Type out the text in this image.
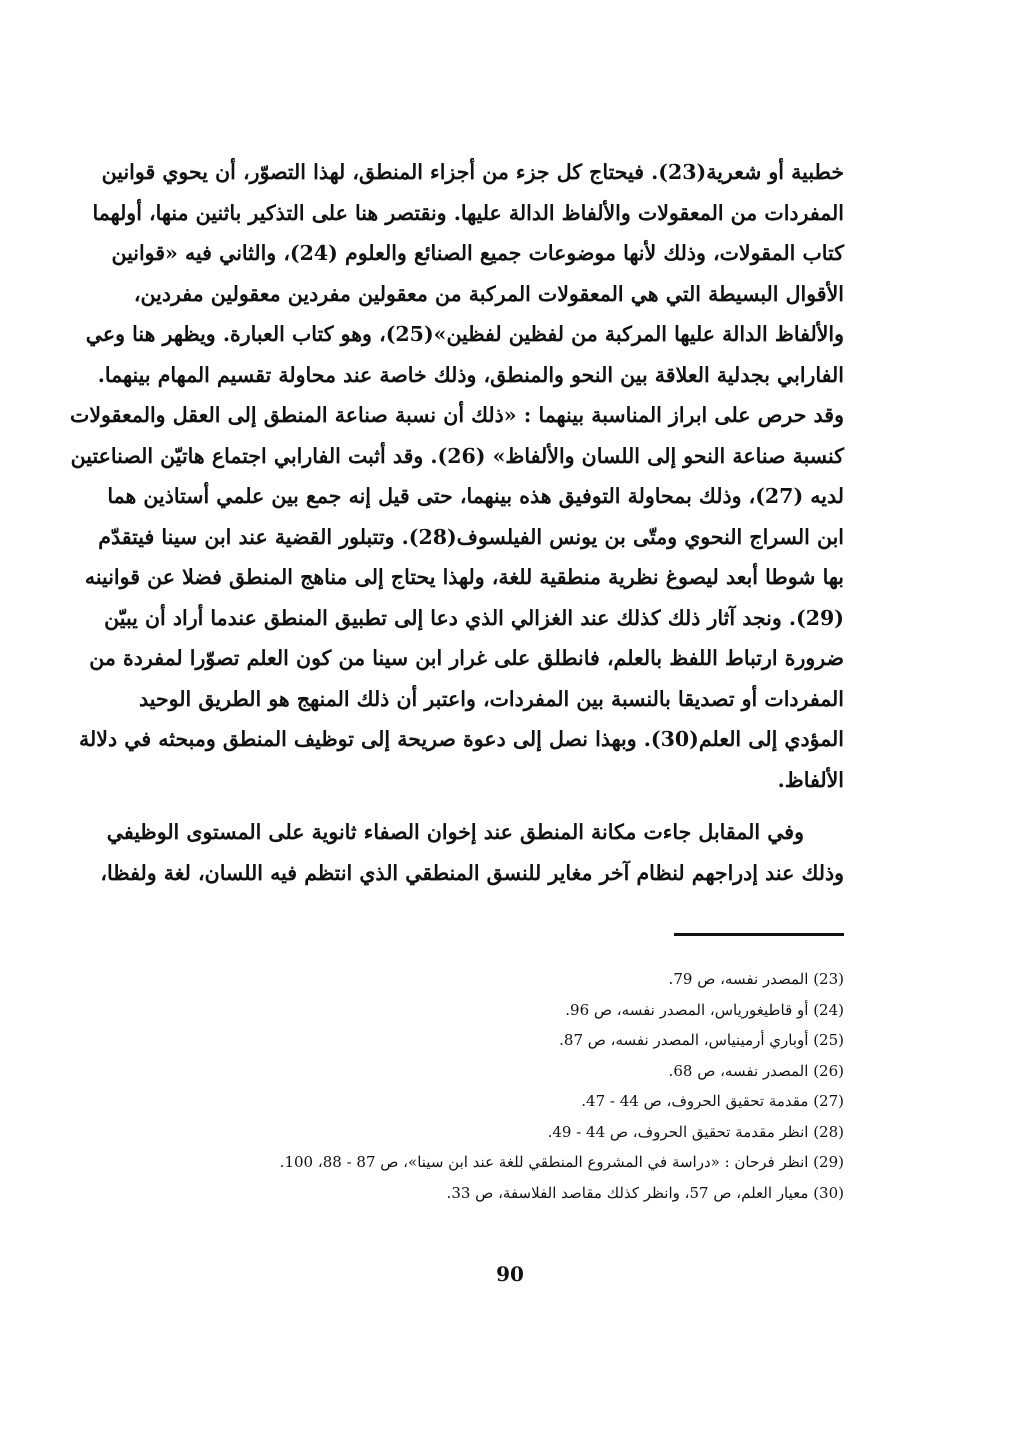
خطبية أو شعرية(23). فيحتاج كل جزء من أجزاء المنطق، لهذا التصوّر، أن يحوي قوانين
المفردات من المعقولات والألفاظ الدالة عليها. ونقتصر هنا على التذكير باثنين منها، أولهما
كتاب المقولات، وذلك لأنها موضوعات جميع الصنائع والعلوم (24)، والثاني فيه «قوانين
الأقوال البسيطة التي هي المعقولات المركبة من معقولين مفردين معقولين مفردين،
والألفاظ الدالة عليها المركبة من لفظين لفظين»(25)، وهو كتاب العبارة. ويظهر هنا وعي
الفارابي بجدلية العلاقة بين النحو والمنطق، وذلك خاصة عند محاولة تقسيم المهام بينهما.
وقد حرص على ابراز المناسبة بينهما : «ذلك أن نسبة صناعة المنطق إلى العقل والمعقولات
كنسبة صناعة النحو إلى اللسان والألفاظ» (26). وقد أثبت الفارابي اجتماع هاتيّن الصناعتين
لديه (27)، وذلك بمحاولة التوفيق هذه بينهما، حتى قيل إنه جمع بين علمي أستاذين هما
ابن السراج النحوي ومتّى بن يونس الفيلسوف(28). وتتبلور القضية عند ابن سينا فيتقدّم
بها شوطا أبعد ليصوغ نظرية منطقية للغة، ولهذا يحتاج إلى مناهج المنطق فضلا عن قوانينه
(29). ونجد آثار ذلك كذلك عند الغزالي الذي دعا إلى تطبيق المنطق عندما أراد أن يبيّن
ضرورة ارتباط اللفظ بالعلم، فانطلق على غرار ابن سينا من كون العلم تصوّرا لمفردة من
المفردات أو تصديقا بالنسبة بين المفردات، واعتبر أن ذلك المنهج هو الطريق الوحيد
المؤدي إلى العلم(30). وبهذا نصل إلى دعوة صريحة إلى توظيف المنطق ومبحثه في دلالة
الألفاظ.
وفي المقابل جاءت مكانة المنطق عند إخوان الصفاء ثانوية على المستوى الوظيفي
وذلك عند إدراجهم لنظام آخر مغاير للنسق المنطقي الذي انتظم فيه اللسان، لغة ولفظا،
(23) المصدر نفسه، ص 79.
(24) أو قاطيغورياس، المصدر نفسه، ص 96.
(25) أوباري أرمينياس، المصدر نفسه، ص 87.
(26) المصدر نفسه، ص 68.
(27) مقدمة تحقيق الحروف، ص 44 - 47.
(28) انظر مقدمة تحقيق الحروف، ص 44 - 49.
(29) انظر فرحان : «دراسة في المشروع المنطقي للغة عند ابن سينا»، ص 87 - 88، 100.
(30) معيار العلم، ص 57، وانظر كذلك مقاصد الفلاسفة، ص 33.
90
